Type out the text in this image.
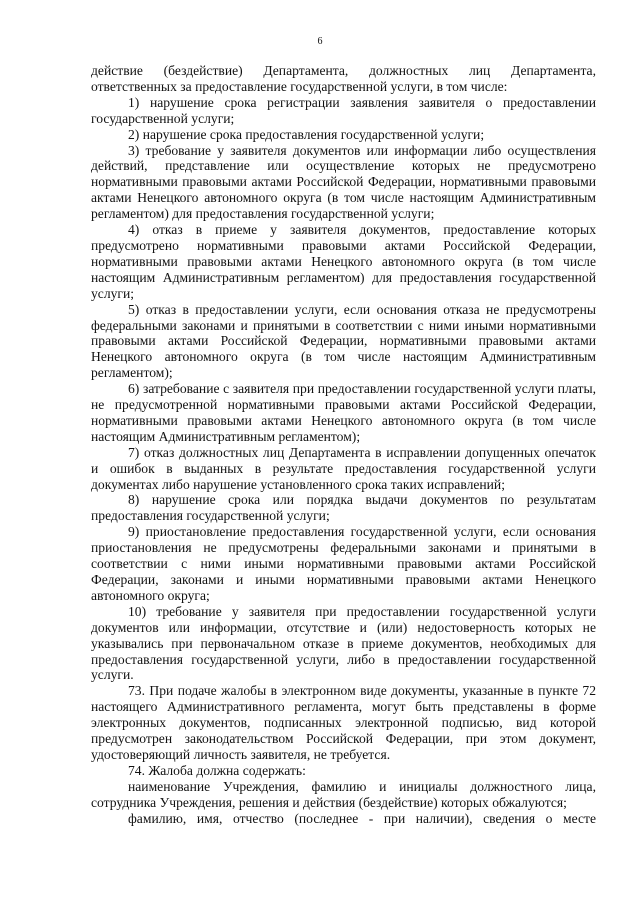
6

действие (бездействие) Департамента, должностных лиц Департамента, ответственных за предоставление государственной услуги, в том числе:

1) нарушение срока регистрации заявления заявителя о предоставлении государственной услуги;

2) нарушение срока предоставления государственной услуги;

3) требование у заявителя документов или информации либо осуществления действий, представление или осуществление которых не предусмотрено нормативными правовыми актами Российской Федерации, нормативными правовыми актами Ненецкого автономного округа (в том числе настоящим Административным регламентом) для предоставления государственной услуги;

4) отказ в приеме у заявителя документов, предоставление которых предусмотрено нормативными правовыми актами Российской Федерации, нормативными правовыми актами Ненецкого автономного округа (в том числе настоящим Административным регламентом) для предоставления государственной услуги;

5) отказ в предоставлении услуги, если основания отказа не предусмотрены федеральными законами и принятыми в соответствии с ними иными нормативными правовыми актами Российской Федерации, нормативными правовыми актами Ненецкого автономного округа (в том числе настоящим Административным регламентом);

6) затребование с заявителя при предоставлении государственной услуги платы, не предусмотренной нормативными правовыми актами Российской Федерации, нормативными правовыми актами Ненецкого автономного округа (в том числе настоящим Административным регламентом);

7) отказ должностных лиц Департамента в исправлении допущенных опечаток и ошибок в выданных в результате предоставления государственной услуги документах либо нарушение установленного срока таких исправлений;

8) нарушение срока или порядка выдачи документов по результатам предоставления государственной услуги;

9) приостановление предоставления государственной услуги, если основания приостановления не предусмотрены федеральными законами и принятыми в соответствии с ними иными нормативными правовыми актами Российской Федерации, законами и иными нормативными правовыми актами Ненецкого автономного округа;

10) требование у заявителя при предоставлении государственной услуги документов или информации, отсутствие и (или) недостоверность которых не указывались при первоначальном отказе в приеме документов, необходимых для предоставления государственной услуги, либо в предоставлении государственной услуги.

73. При подаче жалобы в электронном виде документы, указанные в пункте 72 настоящего Административного регламента, могут быть представлены в форме электронных документов, подписанных электронной подписью, вид которой предусмотрен законодательством Российской Федерации, при этом документ, удостоверяющий личность заявителя, не требуется.

74. Жалоба должна содержать:

наименование Учреждения, фамилию и инициалы должностного лица, сотрудника Учреждения, решения и действия (бездействие) которых обжалуются;

фамилию, имя, отчество (последнее - при наличии), сведения о месте
